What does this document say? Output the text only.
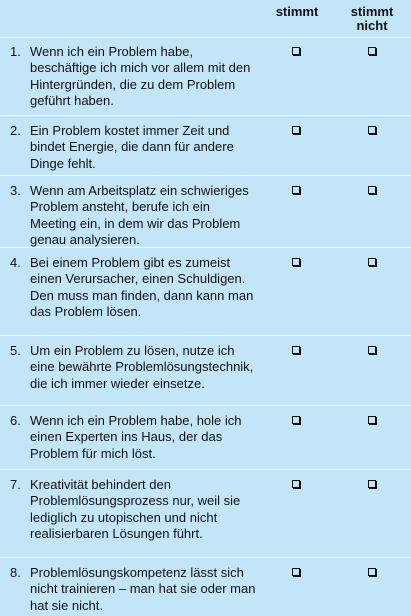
stimmt	stimmt
nicht
1. Wenn ich ein Problem habe, beschäftige ich mich vor allem mit den Hintergründen, die zu dem Problem geführt haben.
2. Ein Problem kostet immer Zeit und bindet Energie, die dann für andere Dinge fehlt.
3. Wenn am Arbeitsplatz ein schwieriges Problem ansteht, berufe ich ein Meeting ein, in dem wir das Problem genau analysieren.
4. Bei einem Problem gibt es zumeist einen Verursacher, einen Schuldigen. Den muss man finden, dann kann man das Problem lösen.
5. Um ein Problem zu lösen, nutze ich eine bewährte Problemlösungstechnik, die ich immer wieder einsetze.
6. Wenn ich ein Problem habe, hole ich einen Experten ins Haus, der das Problem für mich löst.
7. Kreativität behindert den Problemlösungsprozess nur, weil sie lediglich zu utopischen und nicht realisierbaren Lösungen führt.
8. Problemlösungskompetenz lässt sich nicht trainieren – man hat sie oder man hat sie nicht.
